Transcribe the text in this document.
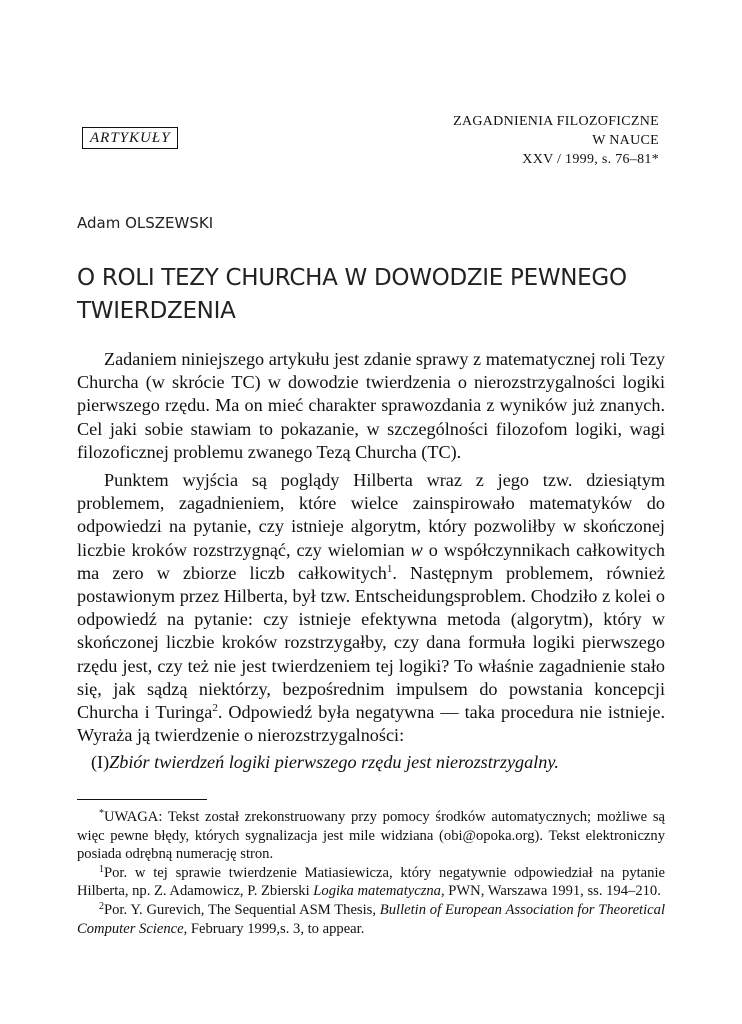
ZAGADNIENIA FILOZOFICZNE
W NAUCE
XXV / 1999, s. 76–81*
ARTYKUŁY
Adam OLSZEWSKI
O ROLI TEZY CHURCHA W DOWODZIE PEWNEGO
TWIERDZENIA

Zadaniem niniejszego artykułu jest zdanie sprawy z matematycznej roli Tezy Churcha (w skrócie TC) w dowodzie twierdzenia o nierozstrzygalności logiki pierwszego rzędu. Ma on mieć charakter sprawozdania z wyników już znanych. Cel jaki sobie stawiam to pokazanie, w szczególności filozofom logiki, wagi filozoficznej problemu zwanego Tezą Churcha (TC).

Punktem wyjścia są poglądy Hilberta wraz z jego tzw. dziesiątym problemem, zagadnieniem, które wielce zainspirowało matematyków do odpowiedzi na pytanie, czy istnieje algorytm, który pozwoliłby w skończonej liczbie kroków rozstrzygnąć, czy wielomian w o współczynnikach całkowitych ma zero w zbiorze liczb całkowitych$^1$. Następnym problemem, również postawionym przez Hilberta, był tzw. Entscheidungsproblem. Chodziło z kolei o odpowiedź na pytanie: czy istnieje efektywna metoda (algorytm), który w skończonej liczbie kroków rozstrzygałby, czy dana formuła logiki pierwszego rzędu jest, czy też nie jest twierdzeniem tej logiki? To właśnie zagadnienie stało się, jak sądzą niektórzy, bezpośrednim impulsem do powstania koncepcji Churcha i Turinga$^2$. Odpowiedź była negatywna — taka procedura nie istnieje. Wyraża ją twierdzenie o nierozstrzygalności:

(I)Zbiór twierdzeń logiki pierwszego rzędu jest nierozstrzygalny.

*UWAGA: Tekst został zrekonstruowany przy pomocy środków automatycznych; możliwe są więc pewne błędy, których sygnalizacja jest mile widziana (obi@opoka.org). Tekst elektroniczny posiada odrębną numerację stron.

$^1$Por. w tej sprawie twierdzenie Matiasiewicza, który negatywnie odpowiedział na pytanie Hilberta, np. Z. Adamowicz, P. Zbierski Logika matematyczna, PWN, Warszawa 1991, ss. 194–210.

$^2$Por. Y. Gurevich, The Sequential ASM Thesis, Bulletin of European Association for Theoretical Computer Science, February 1999,s. 3, to appear.
